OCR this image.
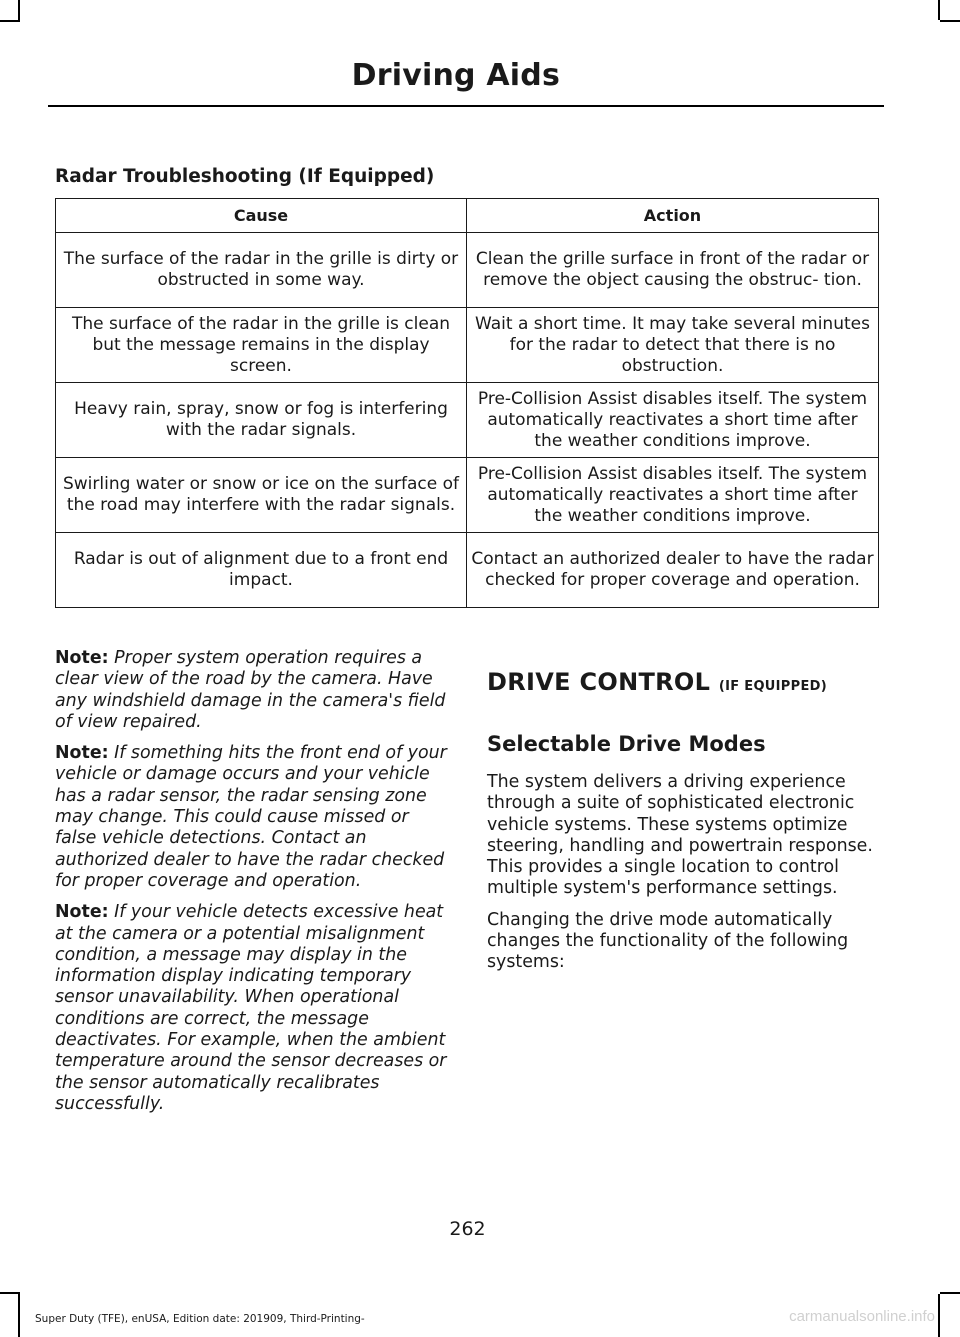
Driving Aids
Radar Troubleshooting (If Equipped)
Cause	Action
The surface of the radar in the grille is dirty or obstructed in some way.	Clean the grille surface in front of the radar or remove the object causing the obstruc- tion.
The surface of the radar in the grille is clean but the message remains in the display screen.	Wait a short time. It may take several minutes for the radar to detect that there is no obstruction.
Heavy rain, spray, snow or fog is interfering with the radar signals.	Pre-Collision Assist disables itself. The system automatically reactivates a short time after the weather conditions improve.
Swirling water or snow or ice on the surface of the road may interfere with the radar signals.	Pre-Collision Assist disables itself. The system automatically reactivates a short time after the weather conditions improve.
Radar is out of alignment due to a front end impact.	Contact an authorized dealer to have the radar checked for proper coverage and operation.

Note: Proper system operation requires a clear view of the road by the camera. Have any windshield damage in the camera's field of view repaired.

Note: If something hits the front end of your vehicle or damage occurs and your vehicle has a radar sensor, the radar sensing zone may change. This could cause missed or false vehicle detections. Contact an authorized dealer to have the radar checked for proper coverage and operation.

Note: If your vehicle detects excessive heat at the camera or a potential misalignment condition, a message may display in the information display indicating temporary sensor unavailability. When operational conditions are correct, the message deactivates. For example, when the ambient temperature around the sensor decreases or the sensor automatically recalibrates successfully.

DRIVE CONTROL (IF EQUIPPED)
Selectable Drive Modes

The system delivers a driving experience through a suite of sophisticated electronic vehicle systems. These systems optimize steering, handling and powertrain response. This provides a single location to control multiple system's performance settings.

Changing the drive mode automatically changes the functionality of the following systems:

262
Super Duty (TFE), enUSA, Edition date: 201909, Third-Printing-	carmanualsonline.info
